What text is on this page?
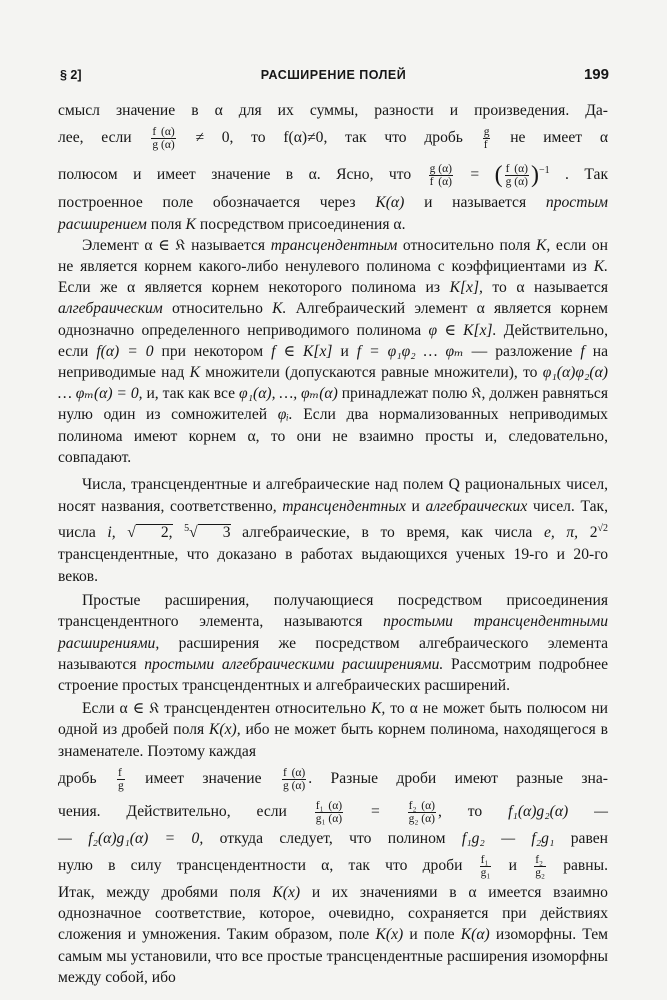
§ 2]	РАСШИРЕНИЕ ПОЛЕЙ	199

смысл значение в α для их суммы, разности и произведения. Да-

лее, если $\frac{f (\alpha)}{g (\alpha)} \ne 0$, то f(α)≠0, так что дробь $\frac{g}{f}$ не имеет α

полюсом и имеет значение в α. Ясно, что $\frac{g (\alpha)}{f (\alpha)}$ = ( $\frac{f (\alpha)}{g (\alpha)} )^{-1}$ . Так

построенное поле обозначается через K(α) и называется простым

расширением поля K посредством присоединения α.

Элемент α ∈ 𝔎 называется трансцендентным относительно поля K, если он не является корнем какого-либо ненулевого полинома с коэффициентами из K. Если же α является корнем некоторого полинома из K[x], то α называется алгебраическим относительно K. Алгебраический элемент α является корнем однозначно определенного неприводимого полинома φ ∈ K[x]. Действительно, если f(α) = 0 при некотором f ∈ K[x] и f = φ₁φ₂ … φₘ — разложение f на неприводимые над K множители (допускаются равные множители), то φ₁(α)φ₂(α) … φₘ(α) = 0, и, так как все φ₁(α), …, φₘ(α) принадлежат полю 𝔎, должен равняться нулю один из сомножителей φᵢ. Если два нормализованных неприводимых полинома имеют корнем α, то они не взаимно просты и, следовательно, совпадают.

Числа, трансцендентные и алгебраические над полем Q рациональных чисел, носят названия, соответственно, трансцендентных и алгебраических чисел. Так, числа i, √ 2, $^5$√ 3 алгебраические, в то время, как числа e, π, $2^{√2}$ трансцендентные, что доказано в работах выдающихся ученых 19-го и 20-го веков.

Простые расширения, получающиеся посредством присоединения трансцендентного элемента, называются простыми трансцендентными расширениями, расширения же посредством алгебраического элемента называются простыми алгебраическими расширениями. Рассмотрим подробнее строение простых трансцендентных и алгебраических расширений.

Если α ∈ 𝔎 трансцендентен относительно K, то α не может быть полюсом ни одной из дробей поля K(x), ибо не может быть корнем полинома, находящегося в знаменателе. Поэтому каждая

дробь $\frac{f}{g}$ имеет значение $\frac{f (\alpha)}{g (\alpha)}$ . Разные дроби имеют разные зна-

чения. Действительно, если $\frac{\text{f₁ (α)}}{\text{g₁ (α)}} = \frac{\text{f₂ (α)}}{\text{g₂ (α)}}$ , то f₁(α)g₂(α) —

— f₂(α)g₁(α) = 0, откуда следует, что полином f₁g₂ — f₂g₁ равен

нулю в силу трансцендентности α, так что дроби $\frac{\text{f₁}}{\text{g₁}}$ и $\frac{\text{f₂}}{\text{g₂}}$ равны.

Итак, между дробями поля K(x) и их значениями в α имеется взаимно однозначное соответствие, которое, очевидно, сохраняется при действиях сложения и умножения. Таким образом, поле K(x) и поле K(α) изоморфны. Тем самым мы установили, что все простые трансцендентные расширения изоморфны между собой, ибо
